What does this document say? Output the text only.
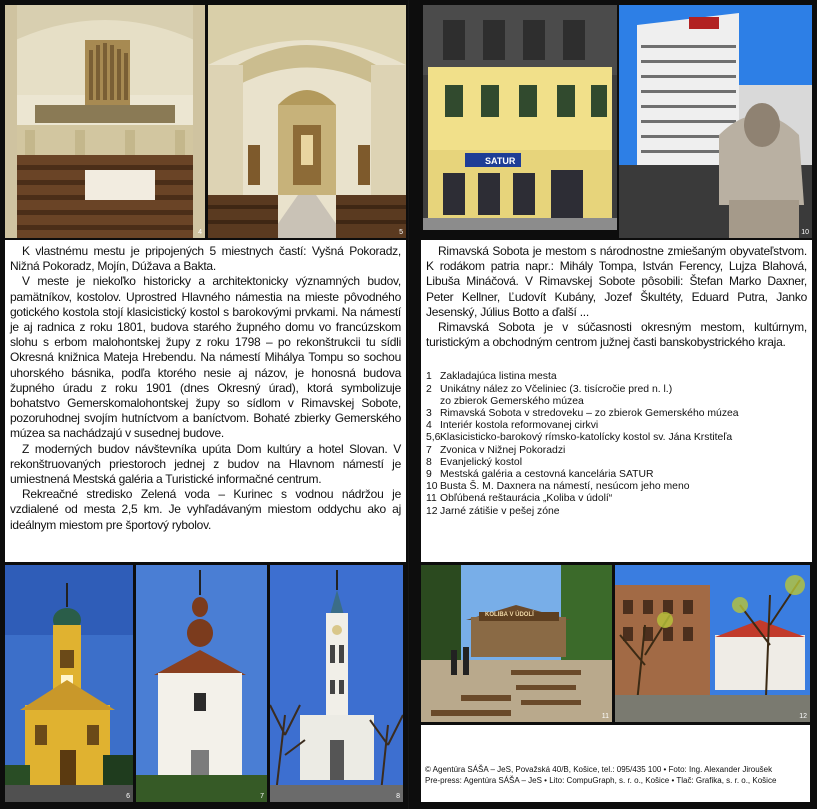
4	5

K vlastnému mestu je pripojených 5 miestnych častí: Vyšná Pokoradz, Nižná Pokoradz, Mojín, Dúžava a Bakta.

V meste je niekoľko historicky a architektonicky významných budov, pamätníkov, kostolov. Uprostred Hlavného námestia na mieste pôvodného gotického kostola stojí klasicistický kostol s barokovými prvkami. Na námestí je aj radnica z roku 1801, budova starého župného domu vo francúzskom slohu s erbom malohontskej župy z roku 1798 – po rekonštrukcii tu sídli Okresná knižnica Mateja Hrebendu. Na námestí Mihálya Tompu so sochou uhorského básnika, podľa ktorého nesie aj názov, je honosná budova župného úradu z roku 1901 (dnes Okresný úrad), ktorá symbolizuje bohatstvo Gemerskomalohontskej župy so sídlom v Rimavskej Sobote, pozoruhodnej svojím hutníctvom a baníctvom. Bohaté zbierky Gemerského múzea sa nachádzajú v susednej budove.

Z moderných budov návštevníka upúta Dom kultúry a hotel Slovan. V rekonštruovaných priestoroch jednej z budov na Hlavnom námestí je umiestnená Mestská galéria a Turistické informačné centrum.

Rekreačné stredisko Zelená voda – Kurinec s vodnou nádržou je vzdialené od mesta 2,5 km. Je vyhľadávaným miestom oddychu ako aj ideálnym miestom pre športový rybolov.

6	7	8
SATUR
10

Rimavská Sobota je mestom s národnostne zmiešaným obyvateľstvom. K rodákom patria napr.: Mihály Tompa, István Ferency, Lujza Blahová, Libuša Mináčová. V Rimavskej Sobote pôsobili: Štefan Marko Daxner, Peter Kellner, Ľudovít Kubány, Jozef Škultéty, Eduard Putra, Janko Jesenský, Július Botto a ďalší ...

Rimavská Sobota je v súčasnosti okresným mestom, kultúrnym, turistickým a obchodným centrom južnej časti banskobystrického kraja.

1 Zakladajúca listina mesta
2 Unikátny nález zo Včeliniec (3. tisícročie pred n. l.)
zo zbierok Gemerského múzea
3 Rimavská Sobota v stredoveku – zo zbierok Gemerského múzea
4 Interiér kostola reformovanej cirkvi
5,6 Klasicisticko-barokový rímsko-katolícky kostol sv. Jána Krstiteľa
7 Zvonica v Nižnej Pokoradzi
8 Evanjelický kostol
9 Mestská galéria a cestovná kancelária SATUR
10 Busta Š. M. Daxnera na námestí, nesúcom jeho meno
11 Obľúbená reštaurácia „Koliba v údolí“
12 Jarné zátišie v pešej zóne
KOLIBA V ÚDOLÍ
11	12
© Agentúra SÁŠA – JeS, Považská 40/B, Košice, tel.: 095/435 100 • Foto: Ing. Alexander Jiroušek
Pre-press: Agentúra SÁŠA – JeS • Lito: CompuGraph, s. r. o., Košice • Tlač: Grafika, s. r. o., Košice
